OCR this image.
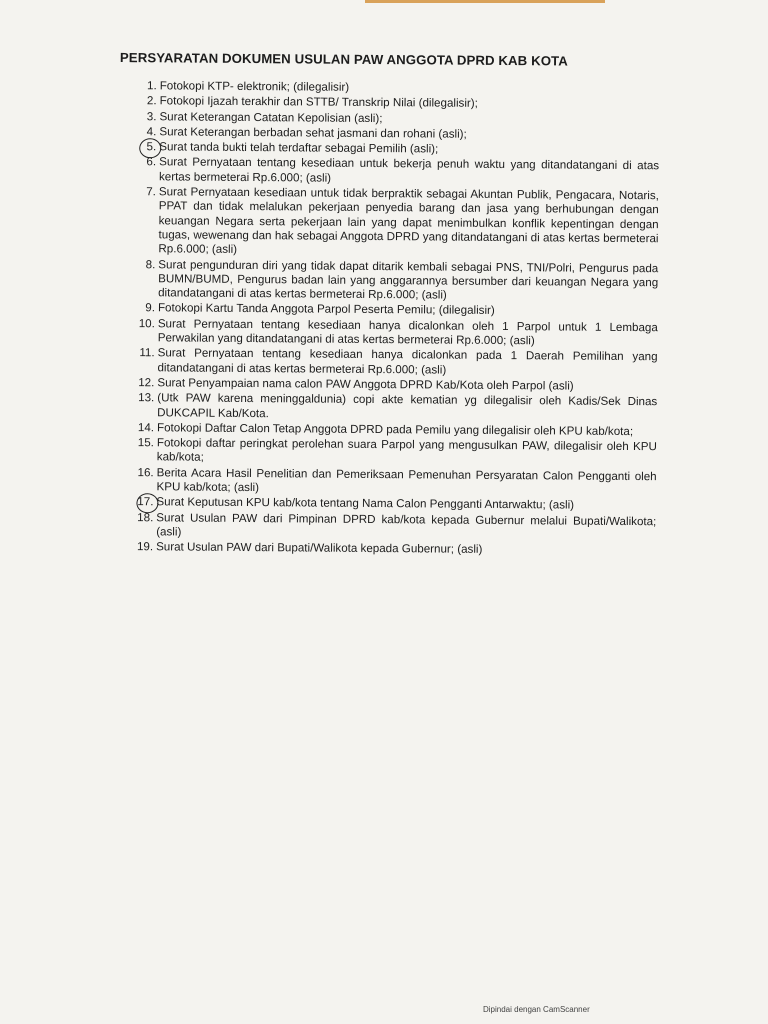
PERSYARATAN DOKUMEN USULAN PAW ANGGOTA DPRD KAB KOTA
1. Fotokopi KTP- elektronik; (dilegalisir)
2. Fotokopi Ijazah terakhir dan STTB/ Transkrip Nilai (dilegalisir);
3. Surat Keterangan Catatan Kepolisian (asli);
4. Surat Keterangan berbadan sehat jasmani dan rohani (asli);
5. Surat tanda bukti telah terdaftar sebagai Pemilih (asli);
6. Surat Pernyataan tentang kesediaan untuk bekerja penuh waktu yang ditandatangani di atas kertas bermeterai Rp.6.000; (asli)
7. Surat Pernyataan kesediaan untuk tidak berpraktik sebagai Akuntan Publik, Pengacara, Notaris, PPAT dan tidak melalukan pekerjaan penyedia barang dan jasa yang berhubungan dengan keuangan Negara serta pekerjaan lain yang dapat menimbulkan konflik kepentingan dengan tugas, wewenang dan hak sebagai Anggota DPRD yang ditandatangani di atas kertas bermeterai Rp.6.000; (asli)
8. Surat pengunduran diri yang tidak dapat ditarik kembali sebagai PNS, TNI/Polri, Pengurus pada BUMN/BUMD, Pengurus badan lain yang anggarannya bersumber dari keuangan Negara yang ditandatangani di atas kertas bermeterai Rp.6.000; (asli)
9. Fotokopi Kartu Tanda Anggota Parpol Peserta Pemilu; (dilegalisir)
10. Surat Pernyataan tentang kesediaan hanya dicalonkan oleh 1 Parpol untuk 1 Lembaga Perwakilan yang ditandatangani di atas kertas bermeterai Rp.6.000; (asli)
11. Surat Pernyataan tentang kesediaan hanya dicalonkan pada 1 Daerah Pemilihan yang ditandatangani di atas kertas bermeterai Rp.6.000; (asli)
12. Surat Penyampaian nama calon PAW Anggota DPRD Kab/Kota oleh Parpol (asli)
13. (Utk PAW karena meninggaldunia) copi akte kematian yg dilegalisir oleh Kadis/Sek Dinas DUKCAPIL Kab/Kota.
14. Fotokopi Daftar Calon Tetap Anggota DPRD pada Pemilu yang dilegalisir oleh KPU kab/kota;
15. Fotokopi daftar peringkat perolehan suara Parpol yang mengusulkan PAW, dilegalisir oleh KPU kab/kota;
16. Berita Acara Hasil Penelitian dan Pemeriksaan Pemenuhan Persyaratan Calon Pengganti oleh KPU kab/kota; (asli)
17. Surat Keputusan KPU kab/kota tentang Nama Calon Pengganti Antarwaktu; (asli)
18. Surat Usulan PAW dari Pimpinan DPRD kab/kota kepada Gubernur melalui Bupati/Walikota; (asli)
19. Surat Usulan PAW dari Bupati/Walikota kepada Gubernur; (asli)
Dipindai dengan CamScanner
